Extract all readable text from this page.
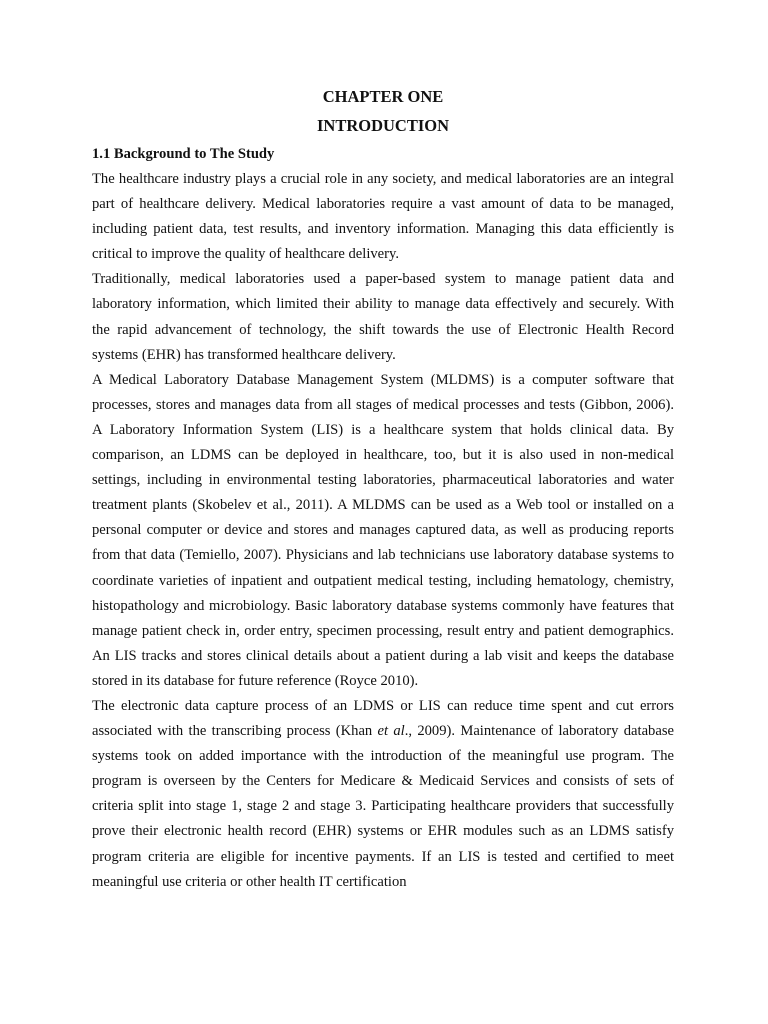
CHAPTER ONE
INTRODUCTION
1.1 Background to The Study

The healthcare industry plays a crucial role in any society, and medical laboratories are an integral part of healthcare delivery. Medical laboratories require a vast amount of data to be managed, including patient data, test results, and inventory information. Managing this data efficiently is critical to improve the quality of healthcare delivery.

Traditionally, medical laboratories used a paper-based system to manage patient data and laboratory information, which limited their ability to manage data effectively and securely. With the rapid advancement of technology, the shift towards the use of Electronic Health Record systems (EHR) has transformed healthcare delivery.

A Medical Laboratory Database Management System (MLDMS) is a computer software that processes, stores and manages data from all stages of medical processes and tests (Gibbon, 2006). A Laboratory Information System (LIS) is a healthcare system that holds clinical data. By comparison, an LDMS can be deployed in healthcare, too, but it is also used in non-medical settings, including in environmental testing laboratories, pharmaceutical laboratories and water treatment plants (Skobelev et al., 2011). A MLDMS can be used as a Web tool or installed on a personal computer or device and stores and manages captured data, as well as producing reports from that data (Temiello, 2007). Physicians and lab technicians use laboratory database systems to coordinate varieties of inpatient and outpatient medical testing, including hematology, chemistry, histopathology and microbiology. Basic laboratory database systems commonly have features that manage patient check in, order entry, specimen processing, result entry and patient demographics. An LIS tracks and stores clinical details about a patient during a lab visit and keeps the database stored in its database for future reference (Royce 2010).

The electronic data capture process of an LDMS or LIS can reduce time spent and cut errors associated with the transcribing process (Khan et al., 2009). Maintenance of laboratory database systems took on added importance with the introduction of the meaningful use program. The program is overseen by the Centers for Medicare & Medicaid Services and consists of sets of criteria split into stage 1, stage 2 and stage 3. Participating healthcare providers that successfully prove their electronic health record (EHR) systems or EHR modules such as an LDMS satisfy program criteria are eligible for incentive payments. If an LIS is tested and certified to meet meaningful use criteria or other health IT certification
